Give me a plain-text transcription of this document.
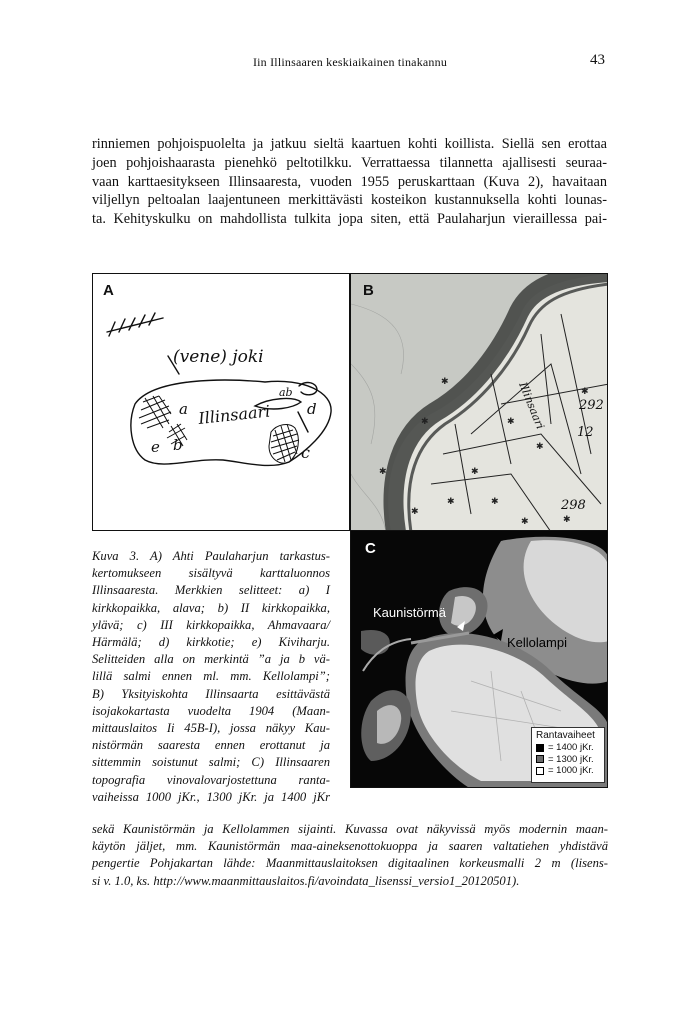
Iin Illinsaaren keskiaikainen tinakannu	43
rinniemen pohjoispuolelta ja jatkuu sieltä kaartuen kohti koillista. Siellä sen erottaa
joen pohjoishaarasta pienehkö peltotilkku. Verrattaessa tilannetta ajallisesti seuraa-
vaan karttaesitykseen Illinsaaresta, vuoden 1955 peruskarttaan (Kuva 2), havaitaan
viljellyn peltoalan laajentuneen merkittävästi kosteikon kustannuksella kohti lounas-
ta. Kehityskulku on mahdollista tulkita jopa siten, että Paulaharjun vieraillessa pai-
A
(vene) joki
Illinsaari
a
b	c
d
e
ab
✱
✱
✱	✱
✱
✱	✱
✱
✱
✱
✱
✱
292
12
298
Illinsaari
B
C
Kaunistörmä
Kellolampi
Rantavaiheet
= 1400 jKr.
= 1300 jKr.
= 1000 jKr.
Kuva 3. A) Ahti Paulaharjun tarkastus-
kertomukseen sisältyvä karttaluonnos
Illinsaaresta. Merkkien selitteet: a) I
kirkkopaikka, alava; b) II kirkkopaikka,
ylävä; c) III kirkkopaikka, Ahmavaara/
Härmälä; d) kirkkotie; e) Kiviharju.
Selitteiden alla on merkintä ”a ja b vä-
lillä salmi ennen ml. mm. Kellolampi”;
B) Yksityiskohta Illinsaarta esittävästä
isojakokartasta vuodelta 1904 (Maan-
mittauslaitos Ii 45B-I), jossa näkyy Kau-
nistörmän saaresta ennen erottanut ja
sittemmin soistunut salmi; C) Illinsaaren
topografia vinovalovarjostettuna ranta-
vaiheissa 1000 jKr., 1300 jKr. ja 1400 jKr
sekä Kaunistörmän ja Kellolammen sijainti. Kuvassa ovat näkyvissä myös modernin maan-
käytön jäljet, mm. Kaunistörmän maa-aineksenottokuoppa ja saaren valtatiehen yhdistävä
pengertie Pohjakartan lähde: Maanmittauslaitoksen digitaalinen korkeusmalli 2 m (lisens-
si v. 1.0, ks. http://www.maanmittauslaitos.fi/avoindata_lisenssi_versio1_20120501).
